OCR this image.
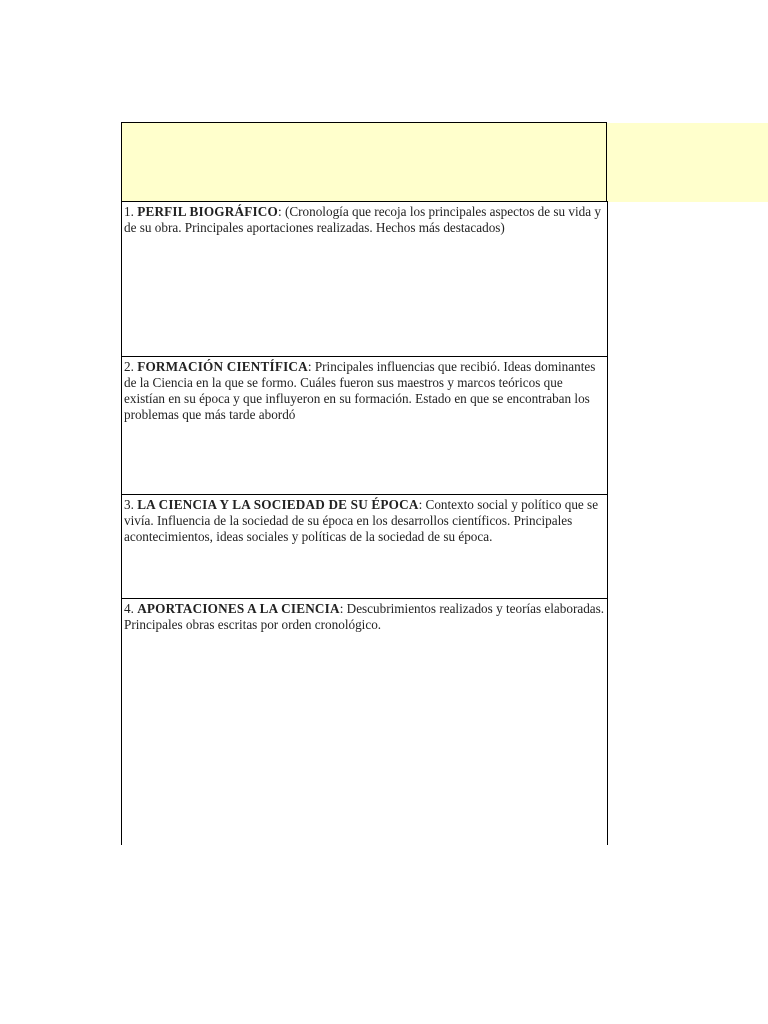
1. PERFIL BIOGRÁFICO: (Cronología que recoja los principales aspectos de su vida y de su obra. Principales aportaciones realizadas. Hechos más destacados)
2. FORMACIÓN CIENTÍFICA: Principales influencias que recibió. Ideas dominantes de la Ciencia en la que se formo. Cuáles fueron sus maestros y marcos teóricos que existían en su época y que influyeron en su formación. Estado en que se encontraban los problemas que más tarde abordó
3. LA CIENCIA Y LA SOCIEDAD DE SU ÉPOCA: Contexto social y político que se vivía. Influencia de la sociedad de su época en los desarrollos científicos. Principales acontecimientos, ideas sociales y políticas de la sociedad de su época.
4. APORTACIONES A LA CIENCIA: Descubrimientos realizados y teorías elaboradas. Principales obras escritas por orden cronológico.
